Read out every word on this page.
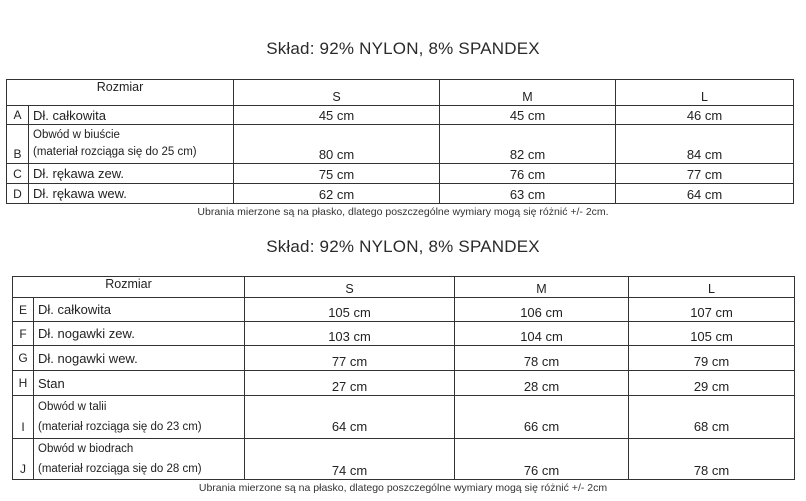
Skład: 92% NYLON, 8% SPANDEX
Rozmiar		S	M	L
A	Dł. całkowita	45 cm	45 cm	46 cm
B	Obwód w biuście
(materiał rozciąga się do 25 cm)	80 cm	82 cm	84 cm
C	Dł. rękawa zew.	75 cm	76 cm	77 cm
D	Dł. rękawa wew.	62 cm	63 cm	64 cm
Ubrania mierzone są na płasko, dlatego poszczególne wymiary mogą się różnić +/- 2cm.
Skład: 92% NYLON, 8% SPANDEX
Rozmiar		S	M	L
E	Dł. całkowita	105 cm	106 cm	107 cm
F	Dł. nogawki zew.	103 cm	104 cm	105 cm
G	Dł. nogawki wew.	77 cm	78 cm	79 cm
H	Stan	27 cm	28 cm	29 cm
I	Obwód w talii
(materiał rozciąga się do 23 cm)	64 cm	66 cm	68 cm
J	Obwód w biodrach
(materiał rozciąga się do 28 cm)	74 cm	76 cm	78 cm
Ubrania mierzone są na płasko, dlatego poszczególne wymiary mogą się różnić +/- 2cm
